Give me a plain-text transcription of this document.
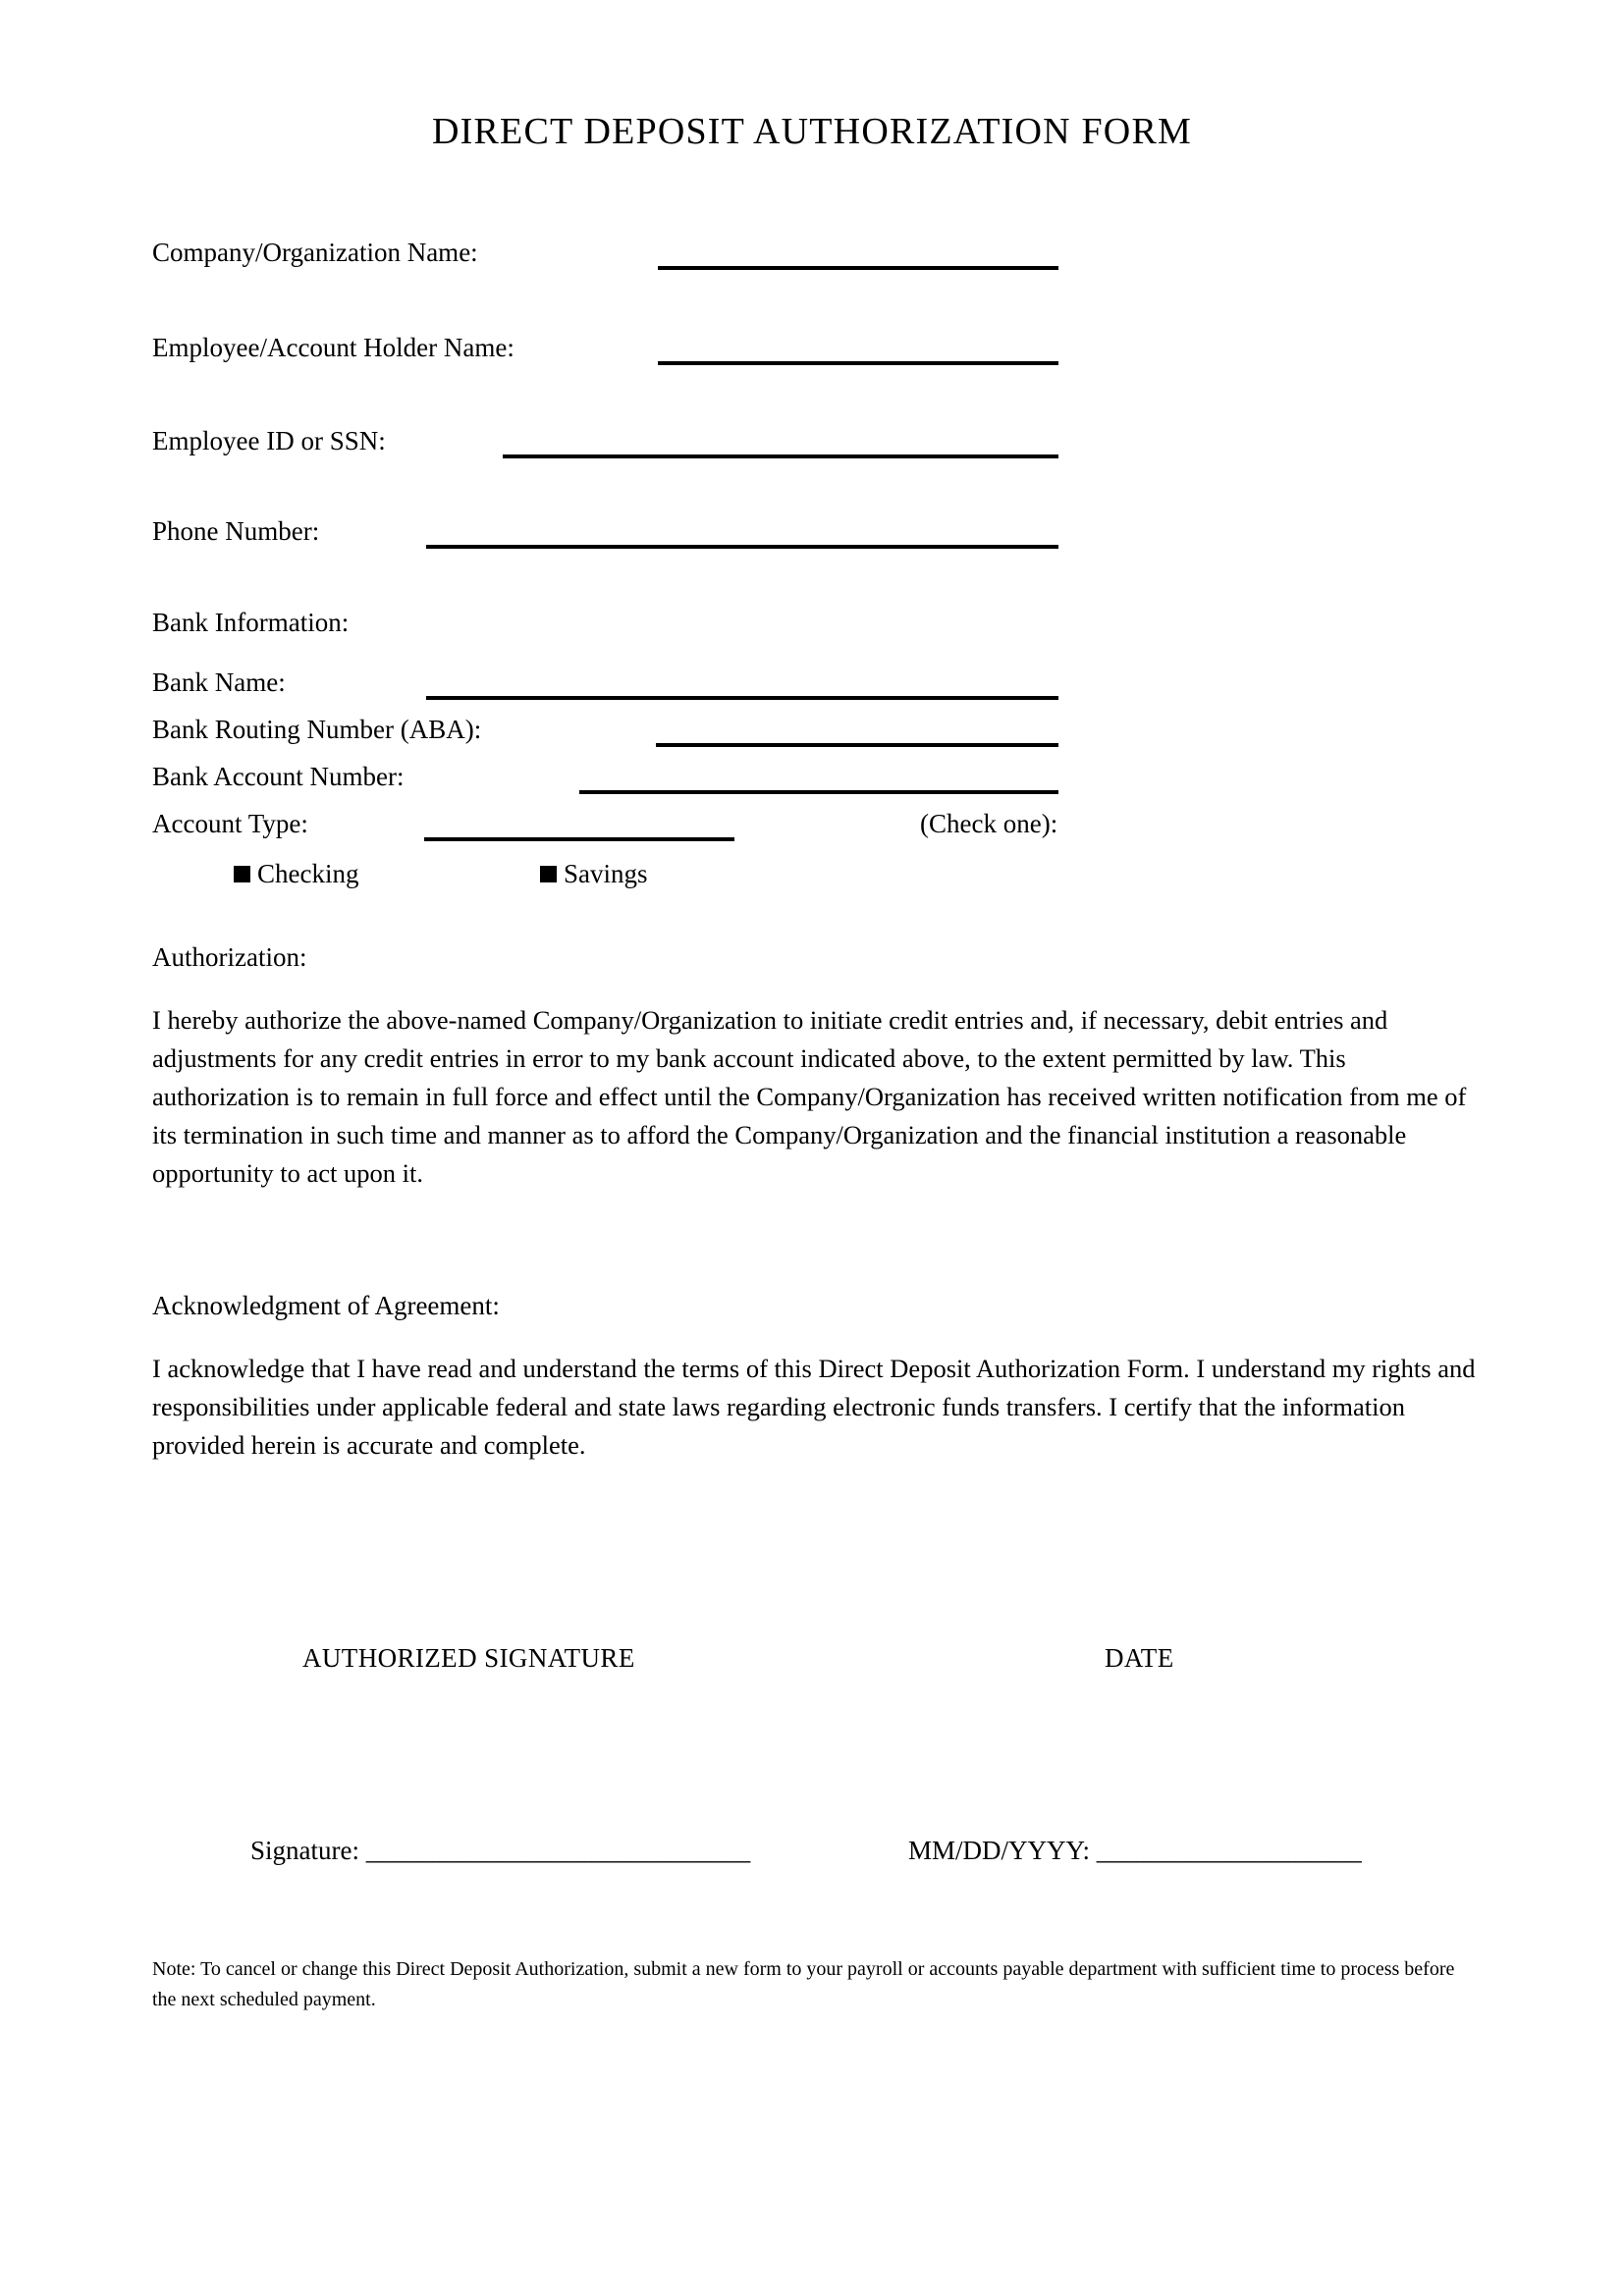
DIRECT DEPOSIT AUTHORIZATION FORM
Company/Organization Name:
Employee/Account Holder Name:
Employee ID or SSN:
Phone Number:
Bank Information:
Bank Name:
Bank Routing Number (ABA):
Bank Account Number:
Account Type:	(Check one):
Checking	Savings
Authorization:
I hereby authorize the above-named Company/Organization to initiate credit entries and, if necessary, debit entries and adjustments for any credit entries in error to my bank account indicated above, to the extent permitted by law. This authorization is to remain in full force and effect until the Company/Organization has received written notification from me of its termination in such time and manner as to afford the Company/Organization and the financial institution a reasonable opportunity to act upon it.
Acknowledgment of Agreement:
I acknowledge that I have read and understand the terms of this Direct Deposit Authorization Form. I understand my rights and responsibilities under applicable federal and state laws regarding electronic funds transfers. I certify that the information provided herein is accurate and complete.
AUTHORIZED SIGNATURE	DATE
Signature: _____________________________	MM/DD/YYYY: ____________________
Note: To cancel or change this Direct Deposit Authorization, submit a new form to your payroll or accounts payable department with sufficient time to process before the next scheduled payment.
